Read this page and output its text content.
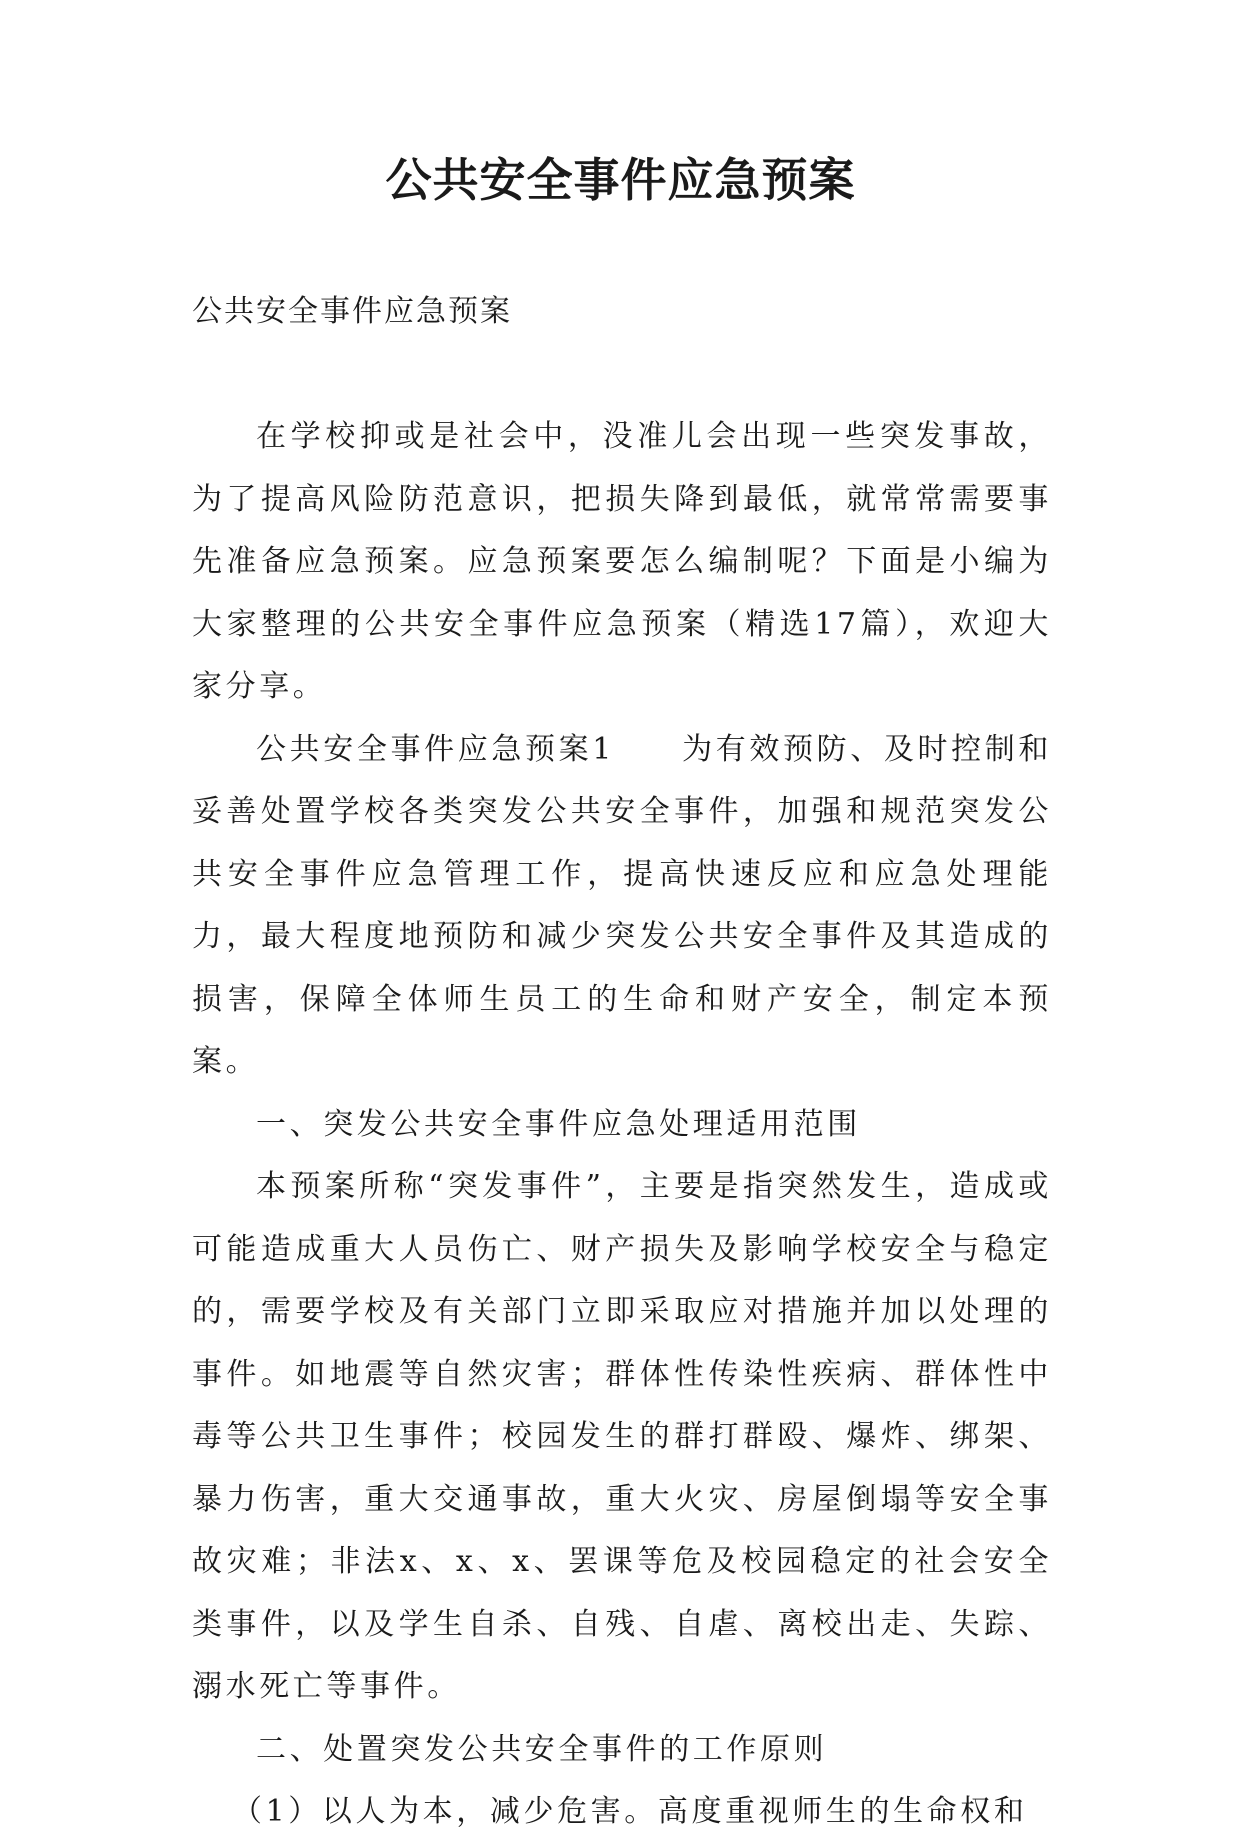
公共安全事件应急预案
公共安全事件应急预案

在学校抑或是社会中，没准儿会出现一些突发事故，为了提高风险防范意识，把损失降到最低，就常常需要事先准备应急预案。应急预案要怎么编制呢？下面是小编为大家整理的公共安全事件应急预案（精选17篇），欢迎大家分享。

公共安全事件应急预案1　　为有效预防、及时控制和妥善处置学校各类突发公共安全事件，加强和规范突发公共安全事件应急管理工作，提高快速反应和应急处理能力，最大程度地预防和减少突发公共安全事件及其造成的损害，保障全体师生员工的生命和财产安全，制定本预案。

一、突发公共安全事件应急处理适用范围

本预案所称“突发事件”，主要是指突然发生，造成或可能造成重大人员伤亡、财产损失及影响学校安全与稳定的，需要学校及有关部门立即采取应对措施并加以处理的事件。如地震等自然灾害；群体性传染性疾病、群体性中毒等公共卫生事件；校园发生的群打群殴、爆炸、绑架、暴力伤害，重大交通事故，重大火灾、房屋倒塌等安全事故灾难；非法x、x、x、罢课等危及校园稳定的社会安全类事件，以及学生自杀、自残、自虐、离校出走、失踪、溺水死亡等事件。

二、处置突发公共安全事件的工作原则

（1）以人为本，减少危害。高度重视师生的生命权和
